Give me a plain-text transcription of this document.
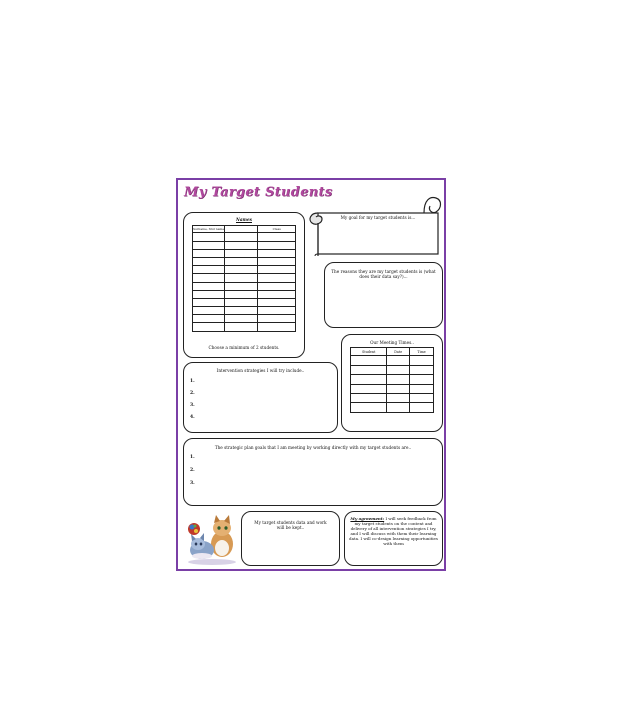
My Target Students
Names
Surname, first name		Class

Choose a minimum of 2 students.
My goal for my target students is...
The reasons they are my target students is (what does their data say?)...
Our Meeting Times..
Student	Date	Time

Intervention strategies I will try include..
1.
2.
3.
4.
The strategic plan goals that I am meeting by working directly with my target students are..
1.
2.
3.
My target students data and work will be kept..
My agreement: I will seek feedback from my target students on the content and delivery of all intervention strategies I try, and I will discuss with them their learning data. I will co-design learning opportunities with them
